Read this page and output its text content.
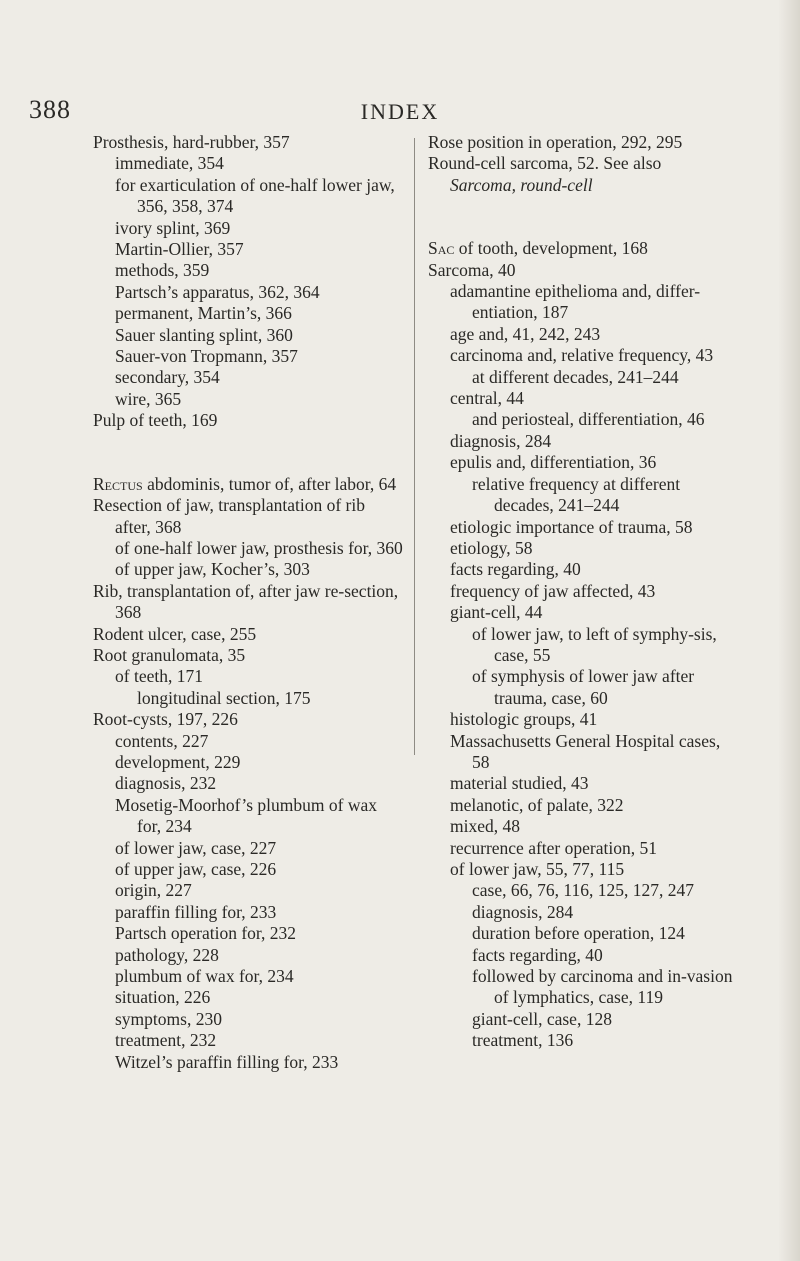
388	INDEX
Prosthesis, hard-rubber, 357
immediate, 354
for exarticulation of one-half lower jaw, 356, 358, 374
ivory splint, 369
Martin-Ollier, 357
methods, 359
Partsch’s apparatus, 362, 364
permanent, Martin’s, 366
Sauer slanting splint, 360
Sauer-von Tropmann, 357
secondary, 354
wire, 365
Pulp of teeth, 169
Rectus abdominis, tumor of, after labor, 64
Resection of jaw, transplantation of rib after, 368
of one-half lower jaw, prosthesis for, 360
of upper jaw, Kocher’s, 303
Rib, transplantation of, after jaw re-section, 368
Rodent ulcer, case, 255
Root granulomata, 35
of teeth, 171
longitudinal section, 175
Root-cysts, 197, 226
contents, 227
development, 229
diagnosis, 232
Mosetig-Moorhof’s plumbum of wax for, 234
of lower jaw, case, 227
of upper jaw, case, 226
origin, 227
paraffin filling for, 233
Partsch operation for, 232
pathology, 228
plumbum of wax for, 234
situation, 226
symptoms, 230
treatment, 232
Witzel’s paraffin filling for, 233
Rose position in operation, 292, 295
Round-cell sarcoma, 52. See also
Sarcoma, round-cell
Sac of tooth, development, 168
Sarcoma, 40
adamantine epithelioma and, differ-entiation, 187
age and, 41, 242, 243
carcinoma and, relative frequency, 43
at different decades, 241–244
central, 44
and periosteal, differentiation, 46
diagnosis, 284
epulis and, differentiation, 36
relative frequency at different decades, 241–244
etiologic importance of trauma, 58
etiology, 58
facts regarding, 40
frequency of jaw affected, 43
giant-cell, 44
of lower jaw, to left of symphy-sis, case, 55
of symphysis of lower jaw after trauma, case, 60
histologic groups, 41
Massachusetts General Hospital cases, 58
material studied, 43
melanotic, of palate, 322
mixed, 48
recurrence after operation, 51
of lower jaw, 55, 77, 115
case, 66, 76, 116, 125, 127, 247
diagnosis, 284
duration before operation, 124
facts regarding, 40
followed by carcinoma and in-vasion of lymphatics, case, 119
giant-cell, case, 128
treatment, 136
